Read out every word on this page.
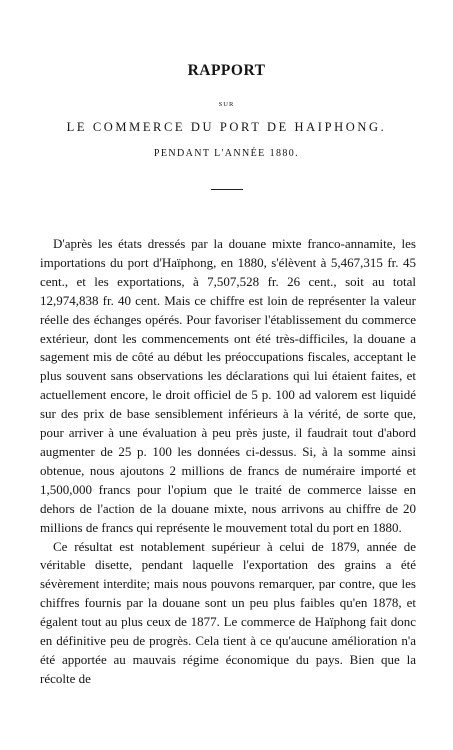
RAPPORT
SUR
LE COMMERCE DU PORT DE HAIPHONG.
PENDANT L'ANNÉE 1880.

D'après les états dressés par la douane mixte franco-annamite, les importations du port d'Haïphong, en 1880, s'élèvent à 5,467,315 fr. 45 cent., et les exportations, à 7,507,528 fr. 26 cent., soit au total 12,974,838 fr. 40 cent. Mais ce chiffre est loin de représenter la valeur réelle des échanges opérés. Pour favoriser l'établissement du commerce extérieur, dont les commencements ont été très-difficiles, la douane a sagement mis de côté au début les préoccupations fiscales, acceptant le plus souvent sans observations les déclarations qui lui étaient faites, et actuellement encore, le droit officiel de 5 p. 100 ad valorem est liquidé sur des prix de base sensiblement inférieurs à la vérité, de sorte que, pour arriver à une évaluation à peu près juste, il faudrait tout d'abord augmenter de 25 p. 100 les données ci-dessus. Si, à la somme ainsi obtenue, nous ajoutons 2 millions de francs de numéraire importé et 1,500,000 francs pour l'opium que le traité de commerce laisse en dehors de l'action de la douane mixte, nous arrivons au chiffre de 20 millions de francs qui représente le mouvement total du port en 1880.

Ce résultat est notablement supérieur à celui de 1879, année de véritable disette, pendant laquelle l'exportation des grains a été sévèrement interdite; mais nous pouvons remarquer, par contre, que les chiffres fournis par la douane sont un peu plus faibles qu'en 1878, et égalent tout au plus ceux de 1877. Le commerce de Haïphong fait donc en définitive peu de progrès. Cela tient à ce qu'aucune amélioration n'a été apportée au mauvais régime économique du pays. Bien que la récolte de
